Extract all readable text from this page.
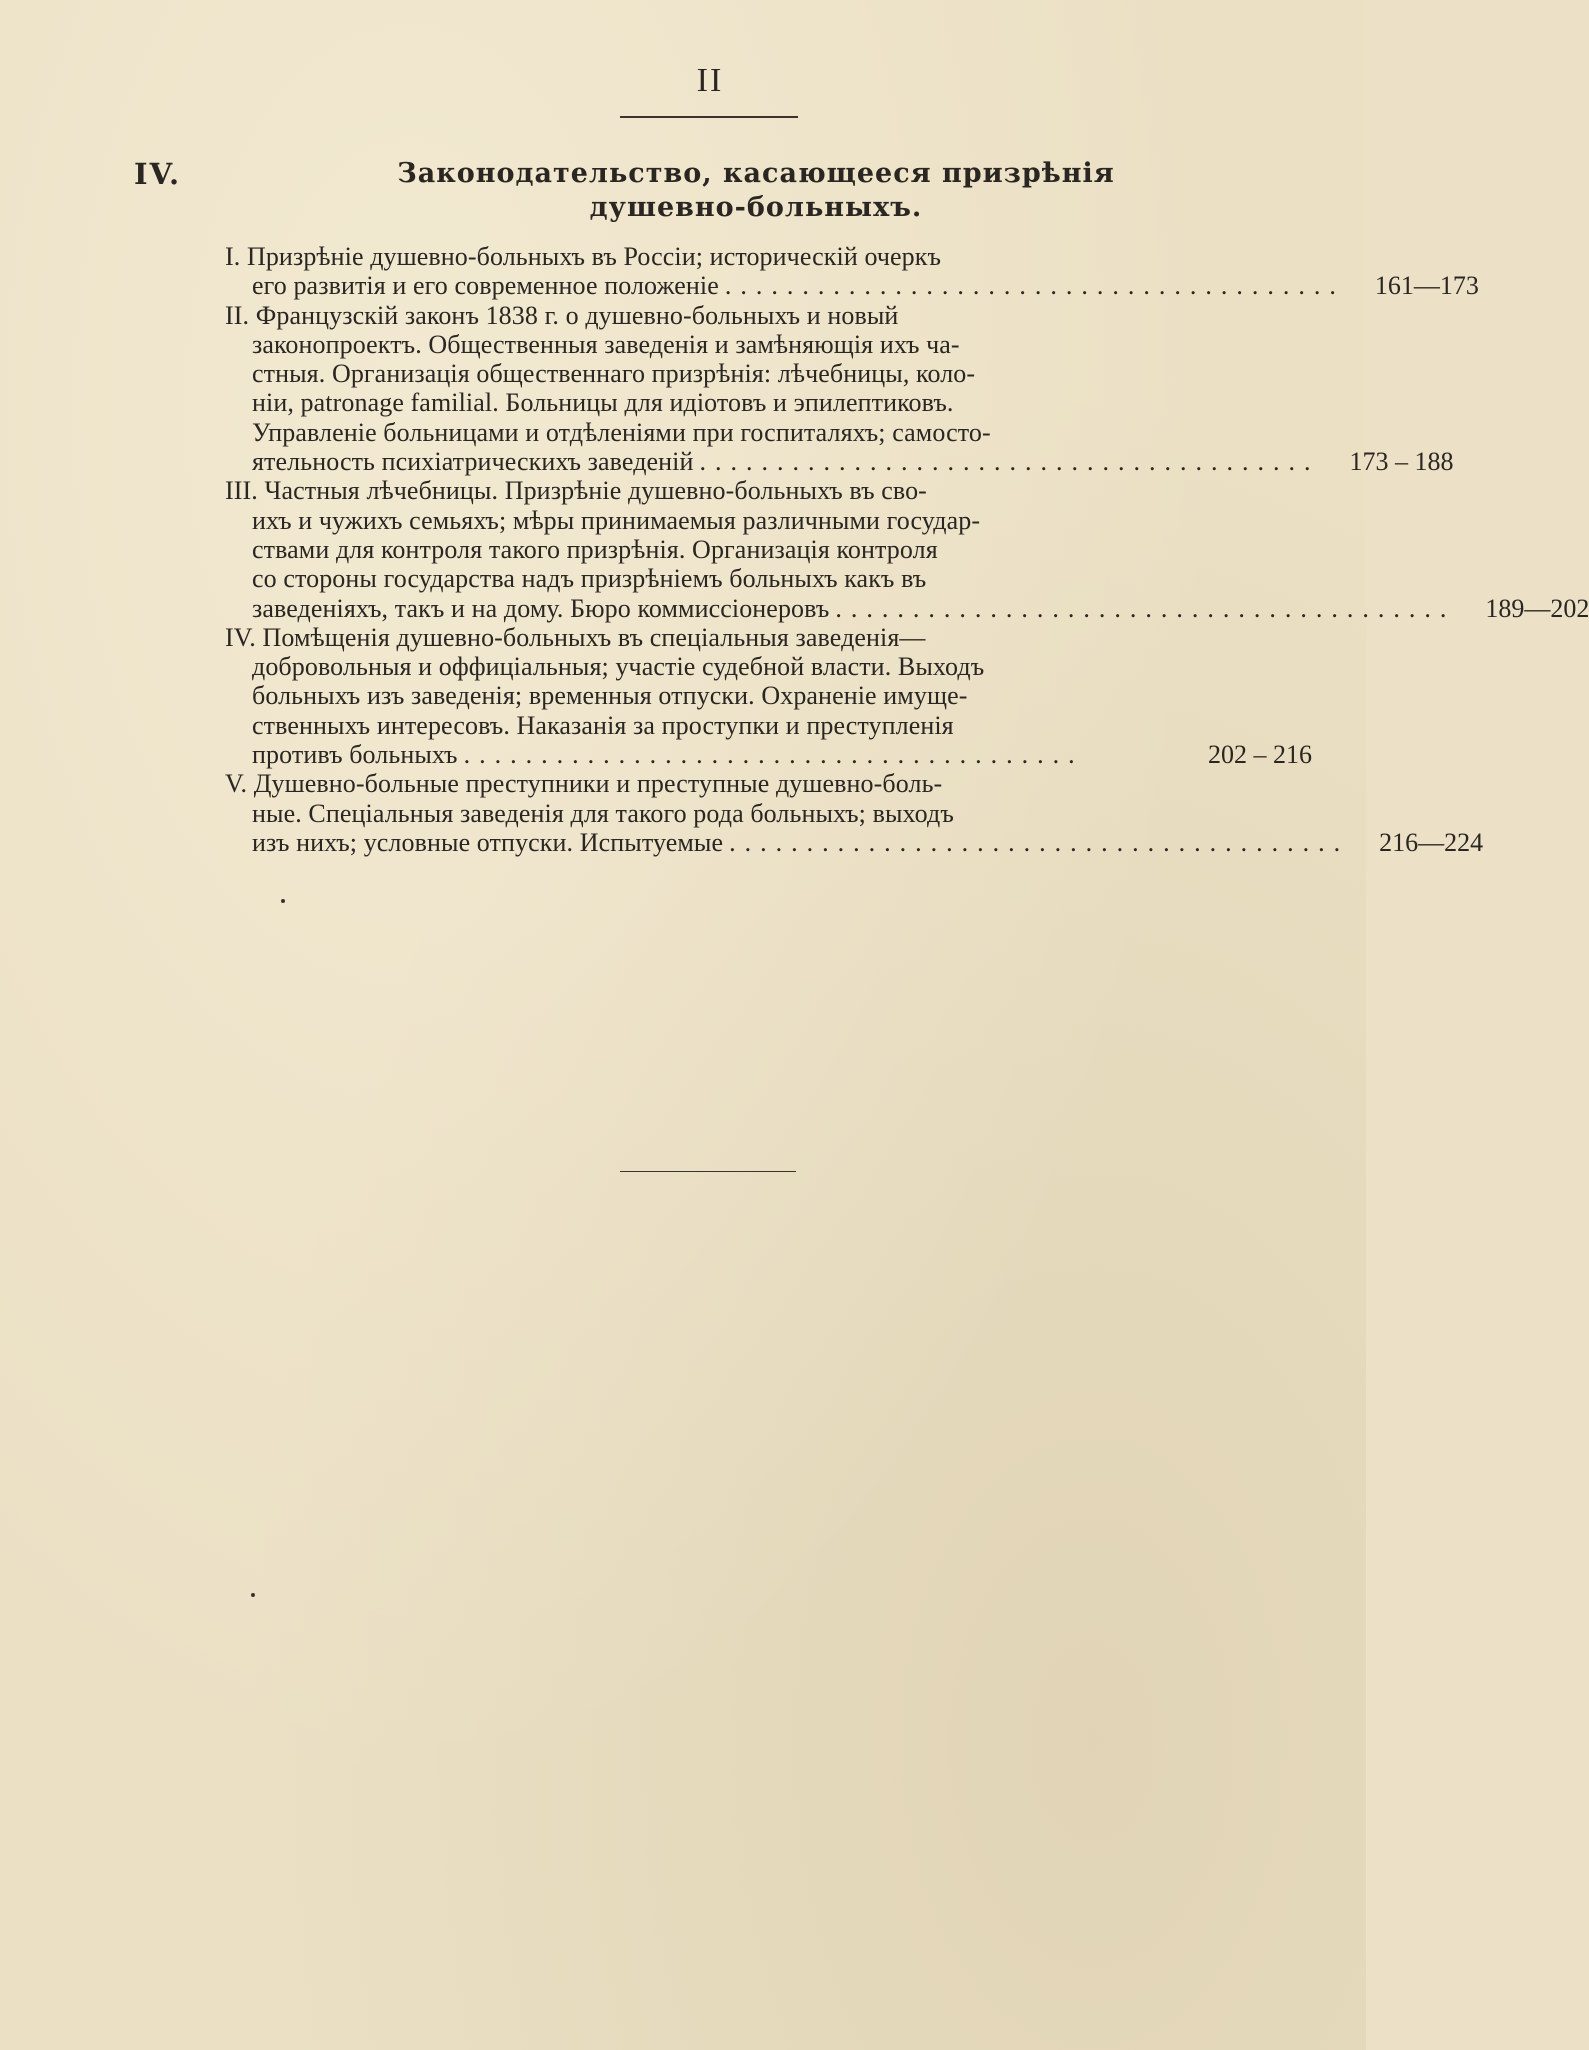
II
IV.	Законодательство, касающееся призрѣнія
душевно-больныхъ.
I. Призрѣніе душевно-больныхъ въ Россіи; историческій очеркъ
его развитія и его современное положеніе ........................................	161—173
II. Французскій законъ 1838 г. о душевно-больныхъ и новый
законопроектъ. Общественныя заведенія и замѣняющія ихъ ча-
стныя. Организація общественнаго призрѣнія: лѣчебницы, коло-
ніи, patronage familial. Больницы для идіотовъ и эпилептиковъ.
Управленіе больницами и отдѣленіями при госпиталяхъ; самосто-
ятельность психіатрическихъ заведеній ........................................	173 – 188
III. Частныя лѣчебницы. Призрѣніе душевно-больныхъ въ сво-
ихъ и чужихъ семьяхъ; мѣры принимаемыя различными государ-
ствами для контроля такого призрѣнія. Организація контроля
со стороны государства надъ призрѣніемъ больныхъ какъ въ
заведеніяхъ, такъ и на дому. Бюро коммиссіонеровъ ........................................	189—202
IV. Помѣщенія душевно-больныхъ въ спеціальныя заведенія—
добровольныя и оффиціальныя; участіе судебной власти. Выходъ
больныхъ изъ заведенія; временныя отпуски. Охраненіе имуще-
ственныхъ интересовъ. Наказанія за проступки и преступленія
противъ больныхъ ........................................	202 – 216
V. Душевно-больные преступники и преступные душевно-боль-
ные. Спеціальныя заведенія для такого рода больныхъ; выходъ
изъ нихъ; условные отпуски. Испытуемые ........................................	216—224
